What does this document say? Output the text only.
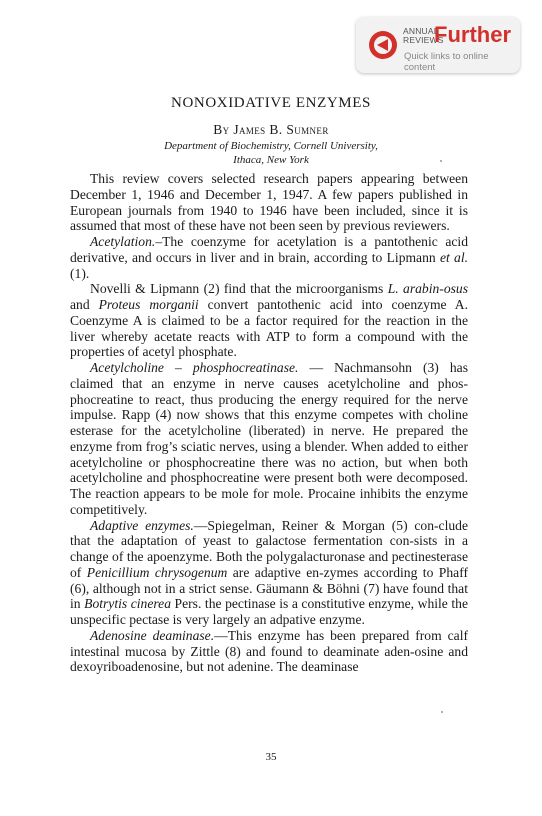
ANNUAL
REVIEWS
Further
Quick links to online content
NONOXIDATIVE ENZYMES
By James B. Sumner
Department of Biochemistry, Cornell University,
Ithaca, New York

This review covers selected research papers appearing between December 1, 1946 and December 1, 1947. A few papers published in European journals from 1940 to 1946 have been included, since it is assumed that most of these have not been seen by previous reviewers.

Acetylation.–The coenzyme for acetylation is a pantothenic acid derivative, and occurs in liver and in brain, according to Lipmann et al. (1).

Novelli & Lipmann (2) find that the microorganisms L. arabin-osus and Proteus morganii convert pantothenic acid into coenzyme A. Coenzyme A is claimed to be a factor required for the reaction in the liver whereby acetate reacts with ATP to form a compound with the properties of acetyl phosphate.

Acetylcholine – phosphocreatinase. — Nachmansohn (3) has claimed that an enzyme in nerve causes acetylcholine and phos-phocreatine to react, thus producing the energy required for the nerve impulse. Rapp (4) now shows that this enzyme competes with choline esterase for the acetylcholine (liberated) in nerve. He prepared the enzyme from frog’s sciatic nerves, using a blender. When added to either acetylcholine or phosphocreatine there was no action, but when both acetylcholine and phosphocreatine were present both were decomposed. The reaction appears to be mole for mole. Procaine inhibits the enzyme competitively.

Adaptive enzymes.—Spiegelman, Reiner & Morgan (5) con-clude that the adaptation of yeast to galactose fermentation con-sists in a change of the apoenzyme. Both the polygalacturonase and pectinesterase of Penicillium chrysogenum are adaptive en-zymes according to Phaff (6), although not in a strict sense. Gäumann & Böhni (7) have found that in Botrytis cinerea Pers. the pectinase is a constitutive enzyme, while the unspecific pectase is very largely an adpative enzyme.

Adenosine deaminase.—This enzyme has been prepared from calf intestinal mucosa by Zittle (8) and found to deaminate aden-osine and dexoyriboadenosine, but not adenine. The deaminase

35
